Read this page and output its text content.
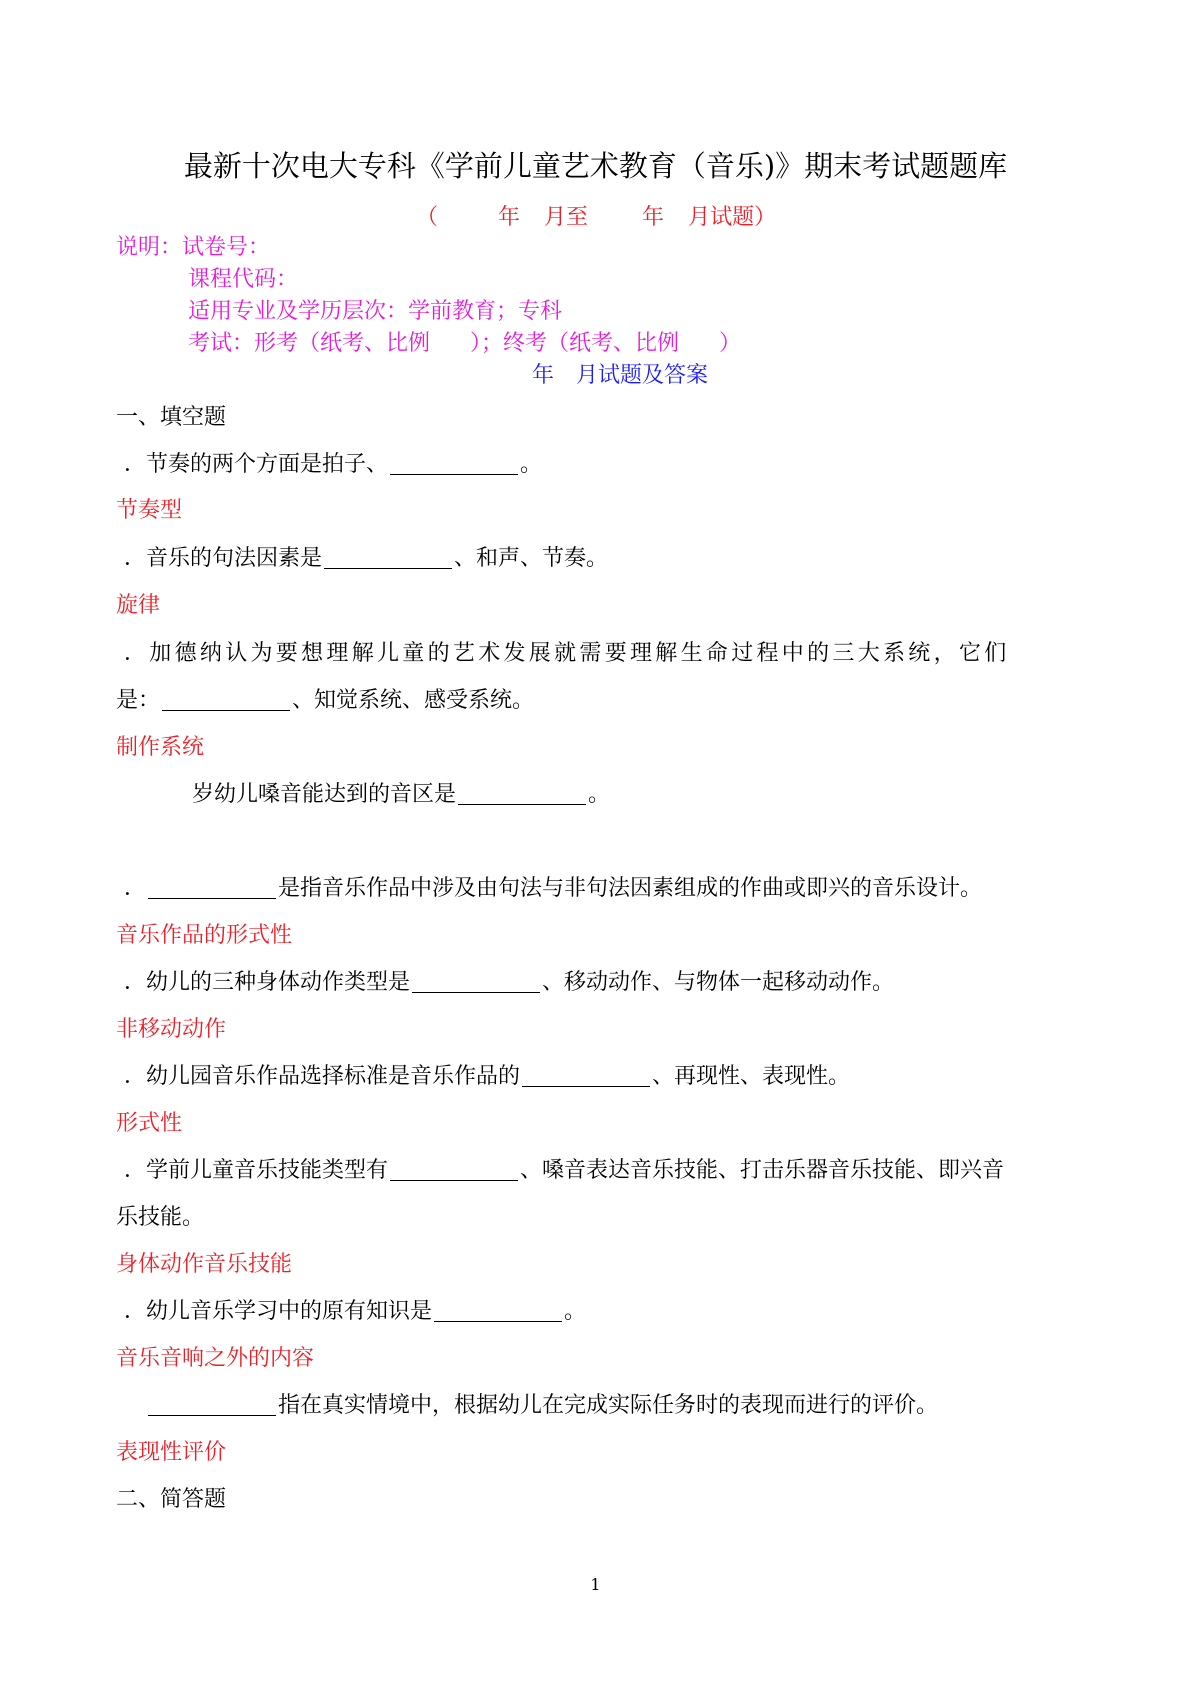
最新十次电大专科《学前儿童艺术教育（音乐)》期末考试题题库
（	年 月至 年 月试题）
说明：试卷号：
课程代码：
适用专业及学历层次：学前教育；专科
考试：形考（纸考、比例 ）；终考（纸考、比例 ）
年 月试题及答案
一、填空题
．节奏的两个方面是拍子、	。
节奏型
．音乐的句法因素是	、和声、节奏。
旋律
．加德纳认为要想理解儿童的艺术发展就需要理解生命过程中的三大系统，它们
是：	、知觉系统、感受系统。
制作系统
岁幼儿嗓音能达到的音区是	。
．	是指音乐作品中涉及由句法与非句法因素组成的作曲或即兴的音乐设计。
音乐作品的形式性
．幼儿的三种身体动作类型是	、移动动作、与物体一起移动动作。
非移动动作
．幼儿园音乐作品选择标准是音乐作品的	、再现性、表现性。
形式性
．学前儿童音乐技能类型有	、嗓音表达音乐技能、打击乐器音乐技能、即兴音
乐技能。
身体动作音乐技能
．幼儿音乐学习中的原有知识是	。
音乐音响之外的内容
指在真实情境中，根据幼儿在完成实际任务时的表现而进行的评价。
表现性评价
二、简答题
1
